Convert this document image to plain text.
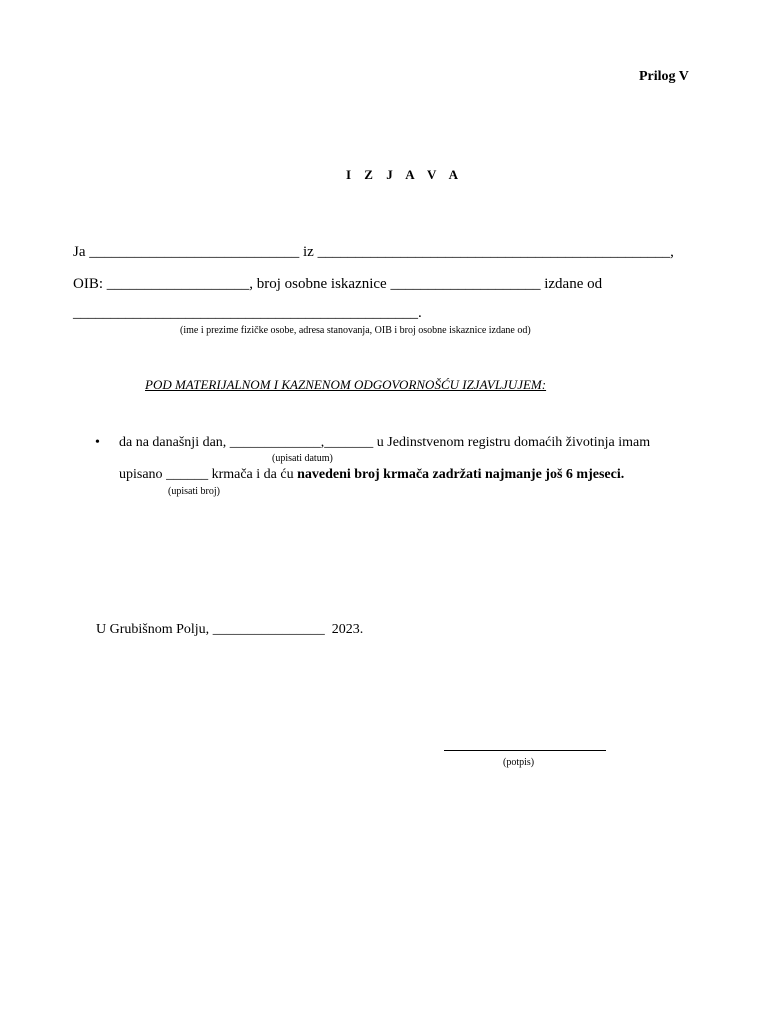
Prilog V
I Z J A V A
Ja ____________________________ iz _______________________________________________,
OIB: ___________________, broj osobne iskaznice ____________________ izdane od
______________________________________________.
(ime i prezime fizičke osobe, adresa stanovanja, OIB i broj osobne iskaznice izdane od)
POD MATERIJALNOM I KAZNENOM ODGOVORNOŠĆU IZJAVLJUJEM:
• da na današnji dan, _____________,_______ u Jedinstvenom registru domaćih životinja imam
(upisati datum)
upisano ______ krmača i da ću navedeni broj krmača zadržati najmanje još 6 mjeseci.
(upisati broj)
U Grubišnom Polju, ________________ 2023.
(potpis)
